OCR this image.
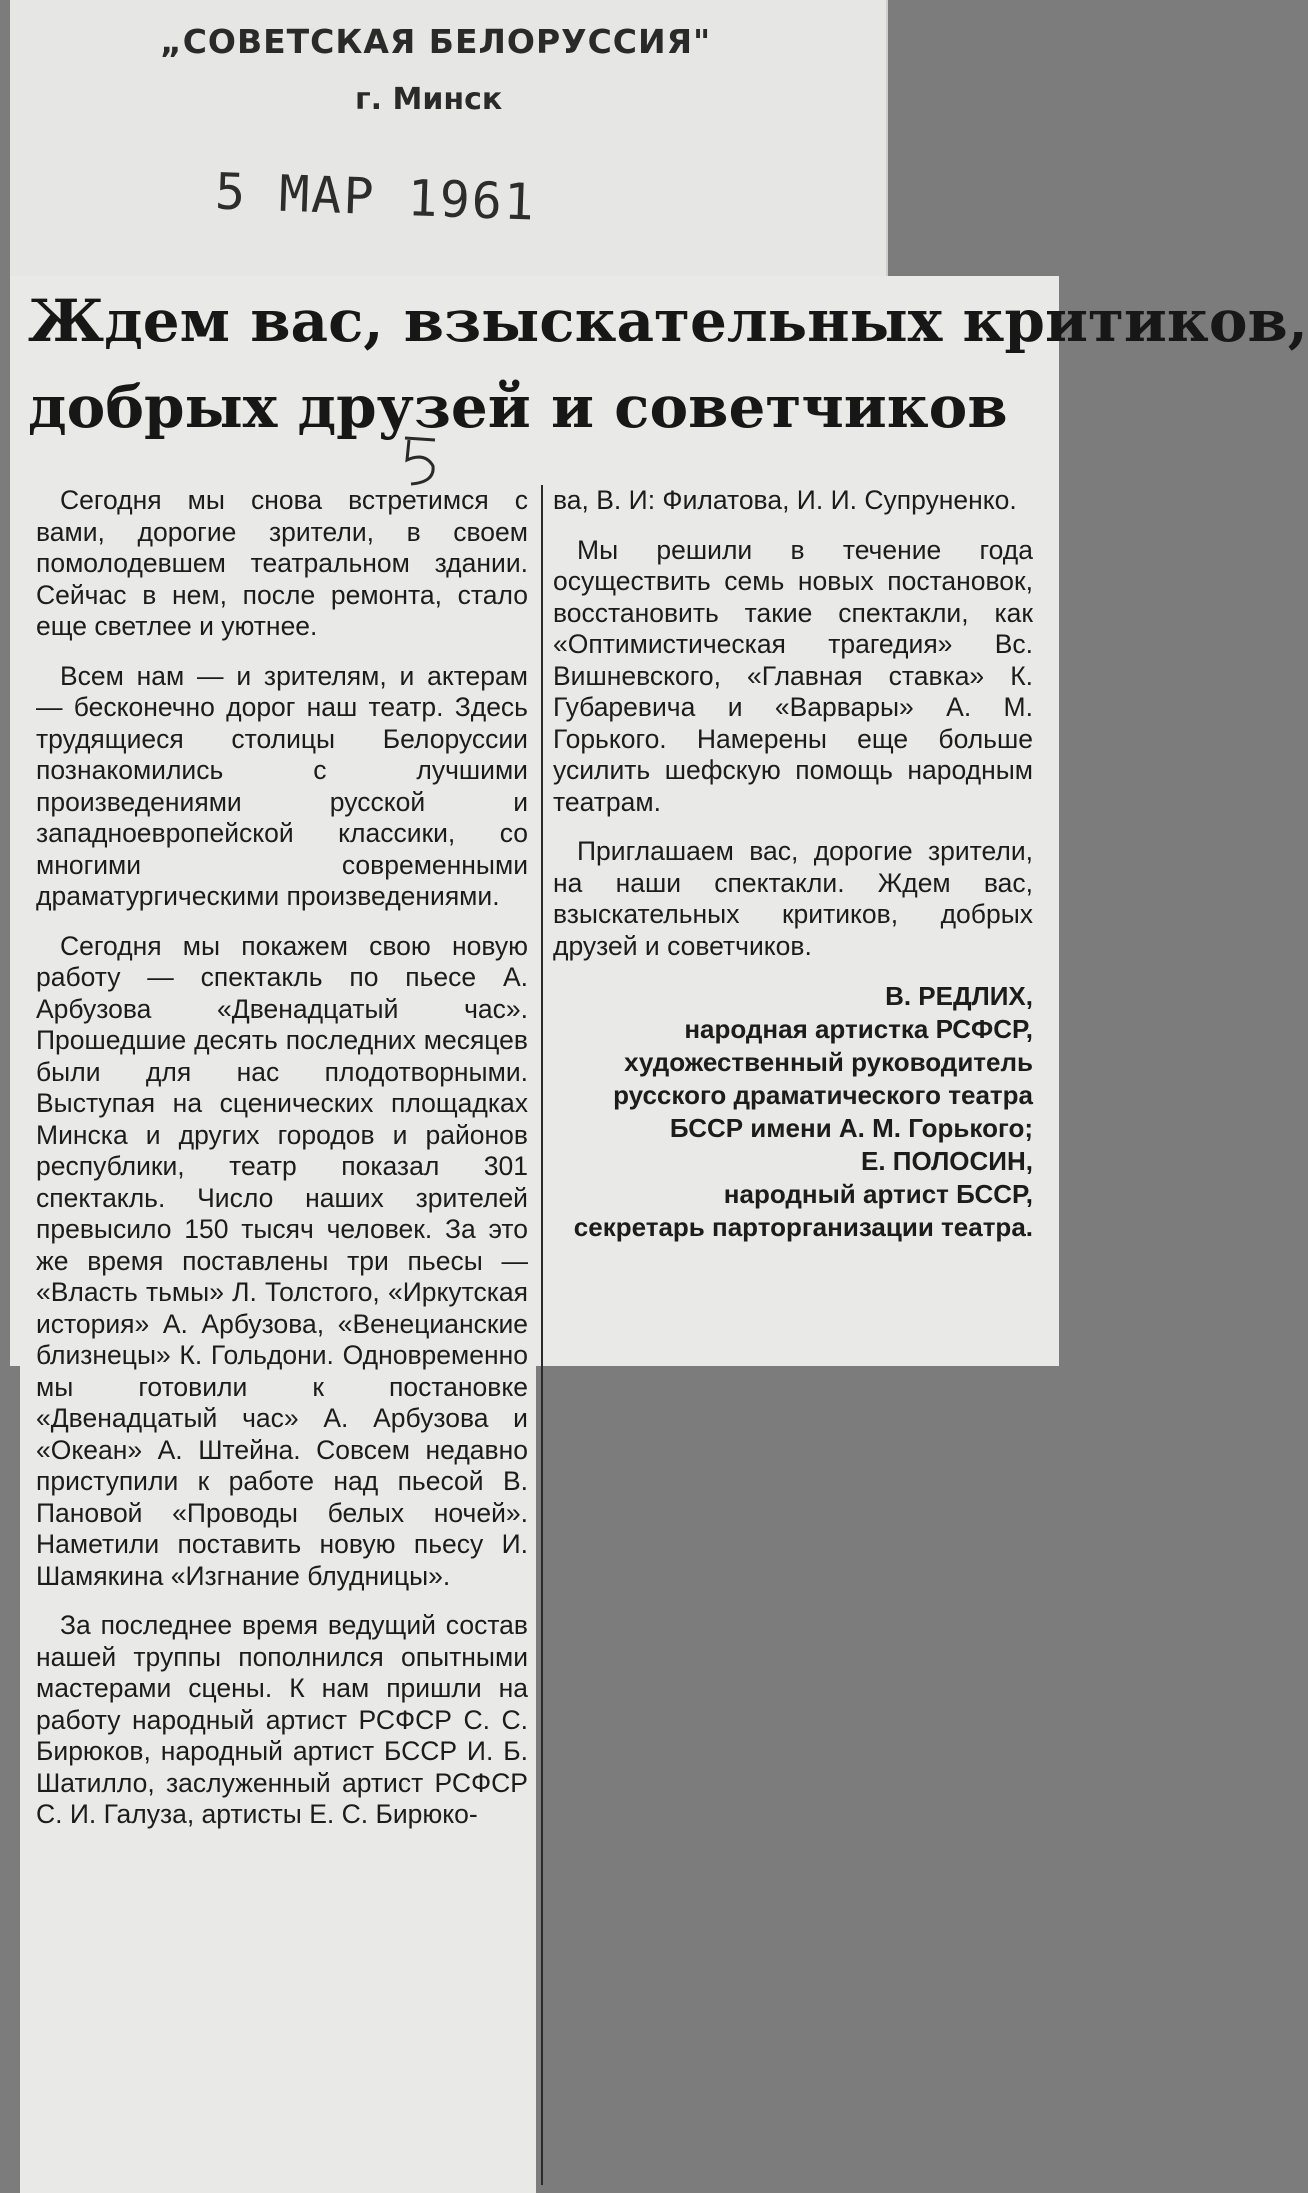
„СОВЕТСКАЯ БЕЛОРУССИЯ"
г. Минск
5 МАР 1961
Ждем вас, взыскательных критиков,
добрых друзей и советчиков

Сегодня мы снова встретимся с вами, дорогие зрители, в своем помолодевшем театральном здании. Сейчас в нем, после ремонта, стало еще светлее и уютнее.

Всем нам — и зрителям, и актерам — бесконечно дорог наш театр. Здесь трудящиеся столицы Белоруссии познакомились с лучшими произведениями русской и западноевропейской классики, со многими современными драматургическими произведениями.

Сегодня мы покажем свою новую работу — спектакль по пьесе А. Арбузова «Двенадцатый час». Прошедшие десять последних месяцев были для нас плодотворными. Выступая на сценических площадках Минска и других городов и районов республики, театр показал 301 спектакль. Число наших зрителей превысило 150 тысяч человек. За это же время поставлены три пьесы — «Власть тьмы» Л. Толстого, «Иркутская история» А. Арбузова, «Венецианские близнецы» К. Гольдони. Одновременно мы готовили к постановке «Двенадцатый час» А. Арбузова и «Океан» А. Штейна. Совсем недавно приступили к работе над пьесой В. Пановой «Проводы белых ночей». Наметили поставить новую пьесу И. Шамякина «Изгнание блудницы».

За последнее время ведущий состав нашей труппы пополнился опытными мастерами сцены. К нам пришли на работу народный артист РСФСР С. С. Бирюков, народный артист БССР И. Б. Шатилло, заслуженный артист РСФСР С. И. Галуза, артисты Е. С. Бирюко-

ва, В. И: Филатова, И. И. Супруненко.

Мы решили в течение года осуществить семь новых постановок, восстановить такие спектакли, как «Оптимистическая трагедия» Вс. Вишневского, «Главная ставка» К. Губаревича и «Варвары» А. М. Горького. Намерены еще больше усилить шефскую помощь народным театрам.

Приглашаем вас, дорогие зрители, на наши спектакли. Ждем вас, взыскательных критиков, добрых друзей и советчиков.

В. РЕДЛИХ,
народная артистка РСФСР,
художественный руководитель русского драматического театра БССР имени А. М. Горького;
Е. ПОЛОСИН,
народный артист БССР,
секретарь парторганизации театра.
